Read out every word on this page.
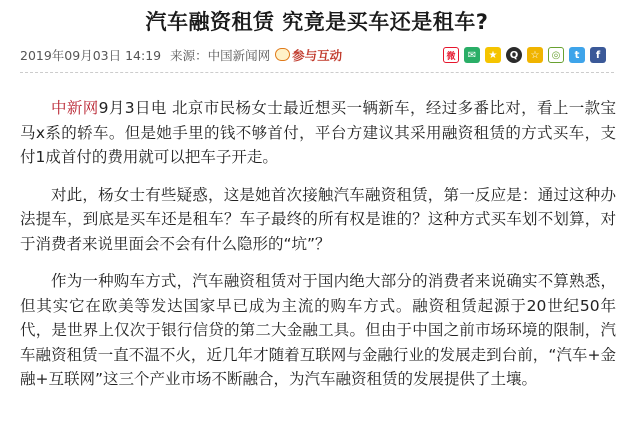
汽车融资租赁 究竟是买车还是租车?
2019年09月03日 14:19 来源：中国新闻网 参与互动	微	✉	★	Q	☆	◎	t	f

中新网9月3日电 北京市民杨女士最近想买一辆新车，经过多番比对，看上一款宝马x系的轿车。但是她手里的钱不够首付，平台方建议其采用融资租赁的方式买车，支付1成首付的费用就可以把车子开走。

对此，杨女士有些疑惑，这是她首次接触汽车融资租赁，第一反应是：通过这种办法提车，到底是买车还是租车？车子最终的所有权是谁的？这种方式买车划不划算，对于消费者来说里面会不会有什么隐形的“坑”？

作为一种购车方式，汽车融资租赁对于国内绝大部分的消费者来说确实不算熟悉，但其实它在欧美等发达国家早已成为主流的购车方式。融资租赁起源于20世纪50年代，是世界上仅次于银行信贷的第二大金融工具。但由于中国之前市场环境的限制，汽车融资租赁一直不温不火，近几年才随着互联网与金融行业的发展走到台前，“汽车+金融+互联网”这三个产业市场不断融合，为汽车融资租赁的发展提供了土壤。
